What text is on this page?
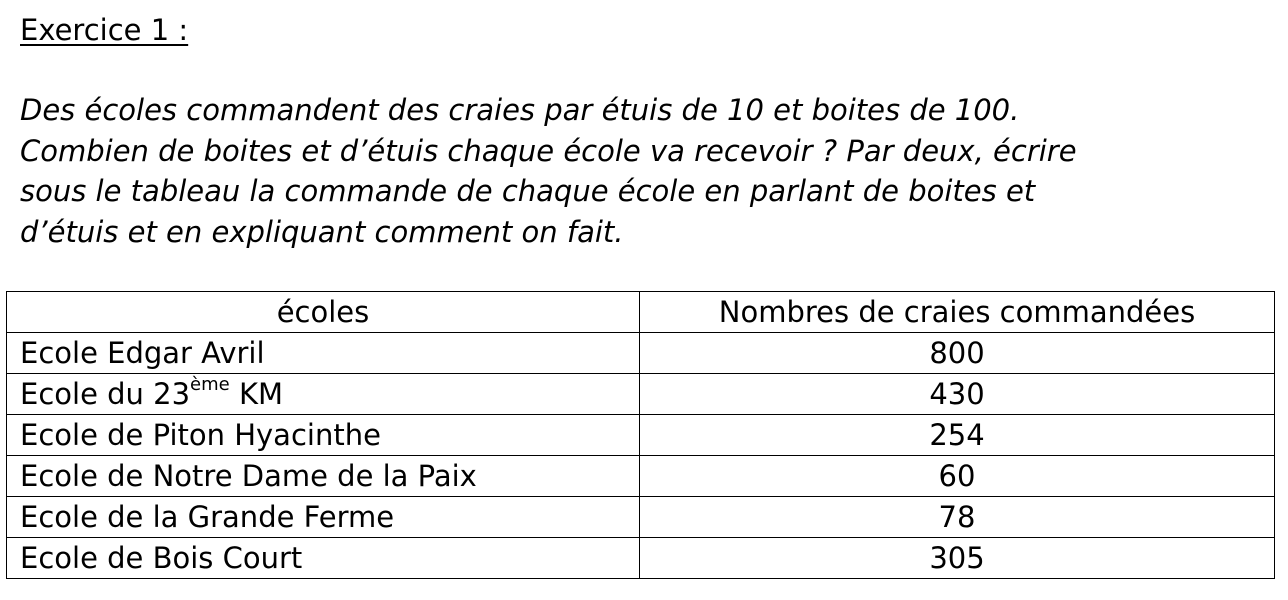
Exercice 1 :

Des écoles commandent des craies par étuis de 10 et boites de 100.

Combien de boites et d’étuis chaque école va recevoir ? Par deux, écrire

sous le tableau la commande de chaque école en parlant de boites et

d’étuis et en expliquant comment on fait.

écoles	Nombres de craies commandées
Ecole Edgar Avril	800
Ecole du 23ème KM	430
Ecole de Piton Hyacinthe	254
Ecole de Notre Dame de la Paix	60
Ecole de la Grande Ferme	78
Ecole de Bois Court	305
